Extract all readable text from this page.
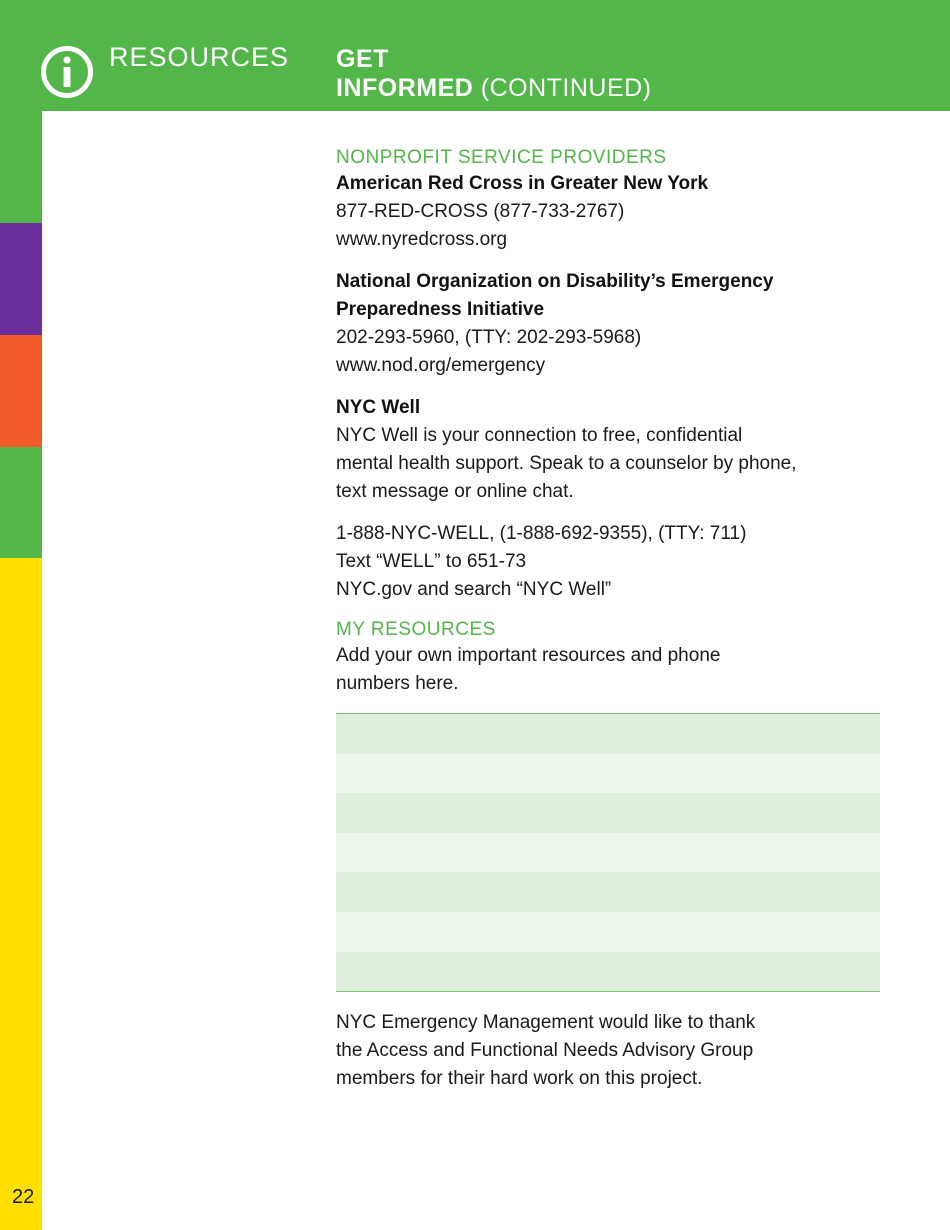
RESOURCES GET
INFORMED (CONTINUED)
22

NONPROFIT SERVICE PROVIDERS

American Red Cross in Greater New York

877-RED-CROSS (877-733-2767)

www.nyredcross.org

National Organization on Disability’s Emergency

Preparedness Initiative

202-293-5960, (TTY: 202-293-5968)

www.nod.org/emergency

NYC Well

NYC Well is your connection to free, confidential

mental health support. Speak to a counselor by phone,

text message or online chat.

1-888-NYC-WELL, (1-888-692-9355), (TTY: 711)

Text “WELL” to 651-73

NYC.gov and search “NYC Well”

MY RESOURCES

Add your own important resources and phone

numbers here.

NYC Emergency Management would like to thank

the Access and Functional Needs Advisory Group

members for their hard work on this project.
